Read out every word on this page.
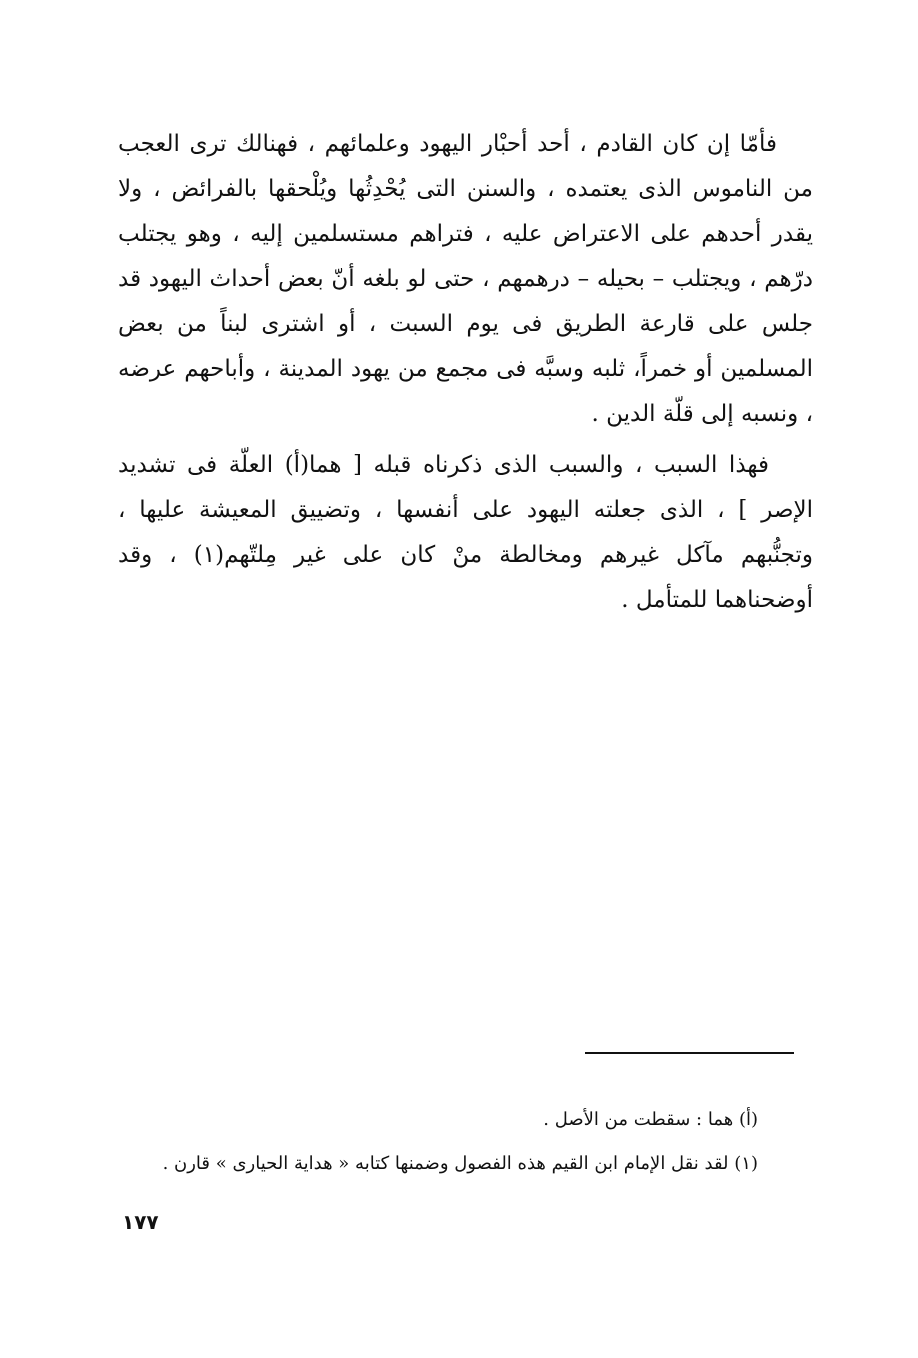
فأمّا إن كان القادم ، أحد أحبْار اليهود وعلمائهم ، فهنالك ترى العجب من الناموس الذى يعتمده ، والسنن التى يُحْدِثُها ويُلْحقها بالفرائض ، ولا يقدر أحدهم على الاعتراض عليه ، فتراهم مستسلمين إليه ، وهو يجتلب درّهم ، ويجتلب – بحيله – درهمهم ، حتى لو بلغه أنّ بعض أحداث اليهود قد جلس على قارعة الطريق فى يوم السبت ، أو اشترى لبناً من بعض المسلمين أو خمراً، ثلبه وسبَّه فى مجمع من يهود المدينة ، وأباحهم عرضه ، ونسبه إلى قلّة الدين .

فهذا السبب ، والسبب الذى ذكرناه قبله [ هما(أ) العلّة فى تشديد الإصر ] ، الذى جعلته اليهود على أنفسها ، وتضييق المعيشة عليها ، وتجنُّبهم مآكل غيرهم ومخالطة منْ كان على غير مِلتّهم(١) ، وقد أوضحناهما للمتأمل .

(أ) هما : سقطت من الأصل .

(١) لقد نقل الإمام ابن القيم هذه الفصول وضمنها كتابه « هداية الحيارى » قارن .

١٧٧
